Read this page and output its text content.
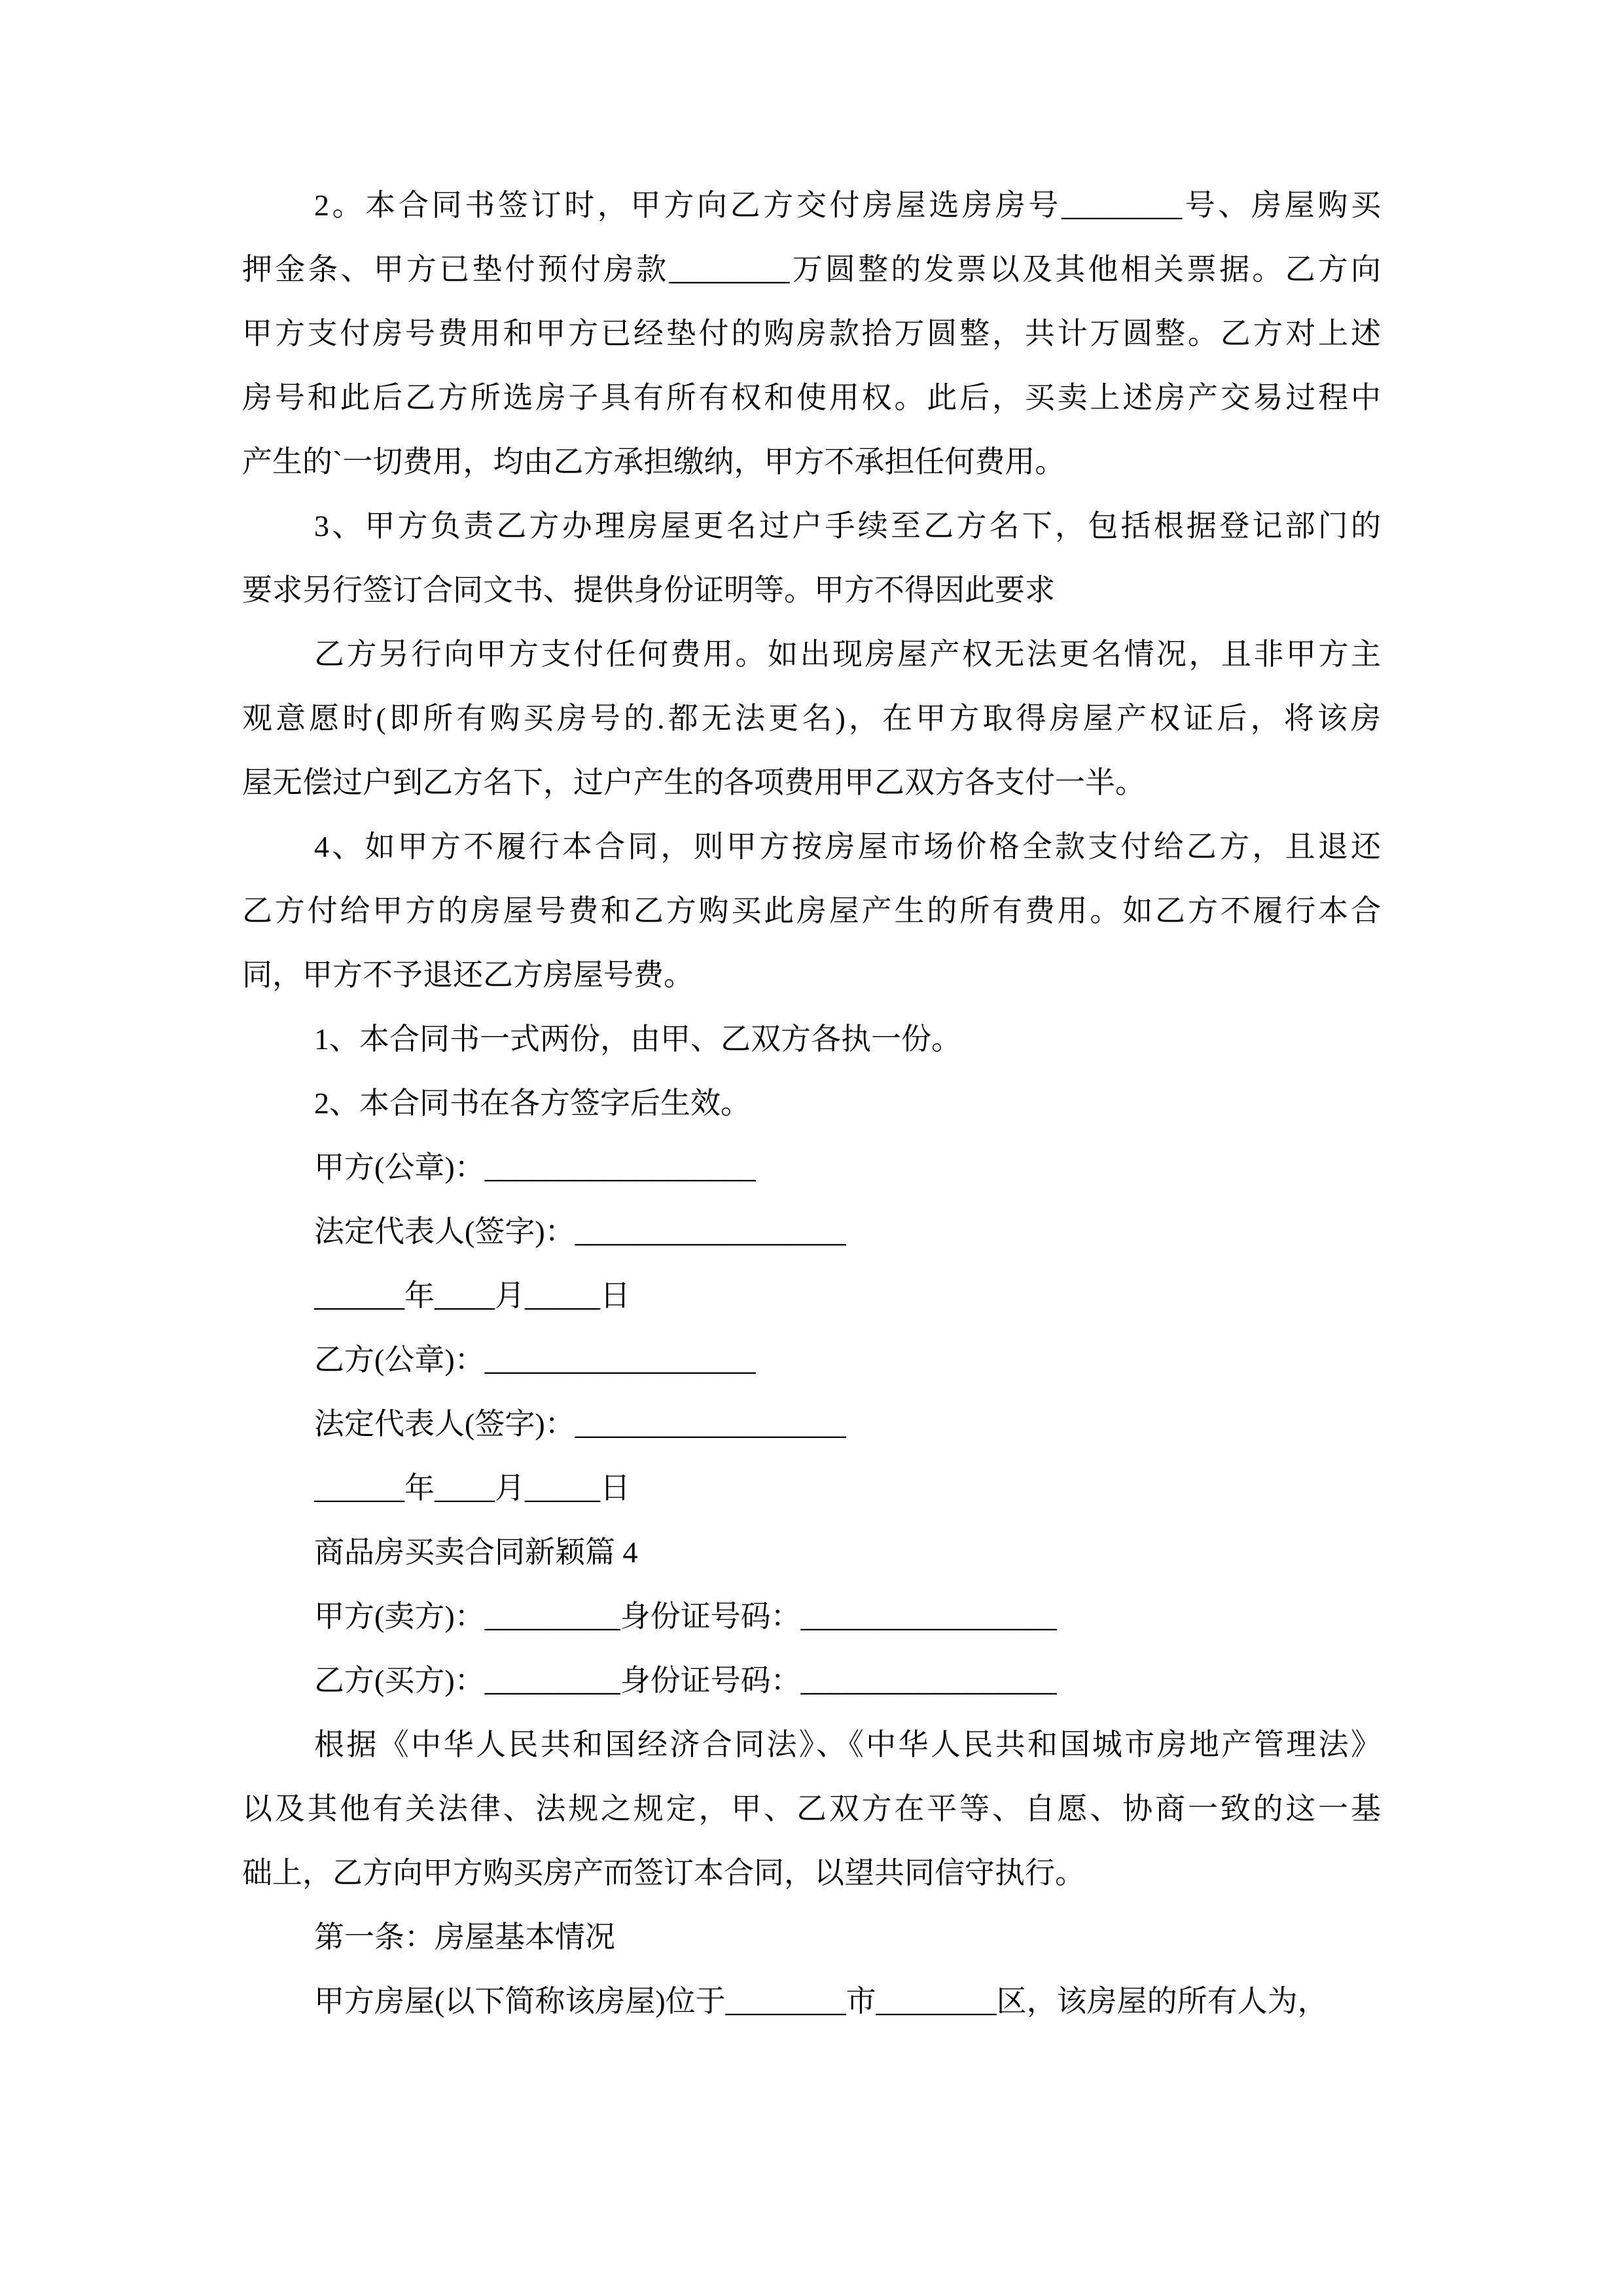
2。本合同书签订时，甲方向乙方交付房屋选房房号________号、房屋购买
押金条、甲方已垫付预付房款________万圆整的发票以及其他相关票据。乙方向
甲方支付房号费用和甲方已经垫付的购房款拾万圆整，共计万圆整。乙方对上述
房号和此后乙方所选房子具有所有权和使用权。此后，买卖上述房产交易过程中
产生的`一切费用，均由乙方承担缴纳，甲方不承担任何费用。
3、甲方负责乙方办理房屋更名过户手续至乙方名下，包括根据登记部门的
要求另行签订合同文书、提供身份证明等。甲方不得因此要求
乙方另行向甲方支付任何费用。如出现房屋产权无法更名情况，且非甲方主
观意愿时(即所有购买房号的.都无法更名)，在甲方取得房屋产权证后，将该房
屋无偿过户到乙方名下，过户产生的各项费用甲乙双方各支付一半。
4、如甲方不履行本合同，则甲方按房屋市场价格全款支付给乙方，且退还
乙方付给甲方的房屋号费和乙方购买此房屋产生的所有费用。如乙方不履行本合
同，甲方不予退还乙方房屋号费。
1、本合同书一式两份，由甲、乙双方各执一份。
2、本合同书在各方签字后生效。
甲方(公章)：__________________
法定代表人(签字)：__________________
______年____月_____日
乙方(公章)：__________________
法定代表人(签字)：__________________
______年____月_____日
商品房买卖合同新颖篇 4
甲方(卖方)：_________身份证号码：_________________
乙方(买方)：_________身份证号码：_________________
根据《中华人民共和国经济合同法》、《中华人民共和国城市房地产管理法》
以及其他有关法律、法规之规定，甲、乙双方在平等、自愿、协商一致的这一基
础上，乙方向甲方购买房产而签订本合同，以望共同信守执行。
第一条：房屋基本情况
甲方房屋(以下简称该房屋)位于________市________区，该房屋的所有人为，
